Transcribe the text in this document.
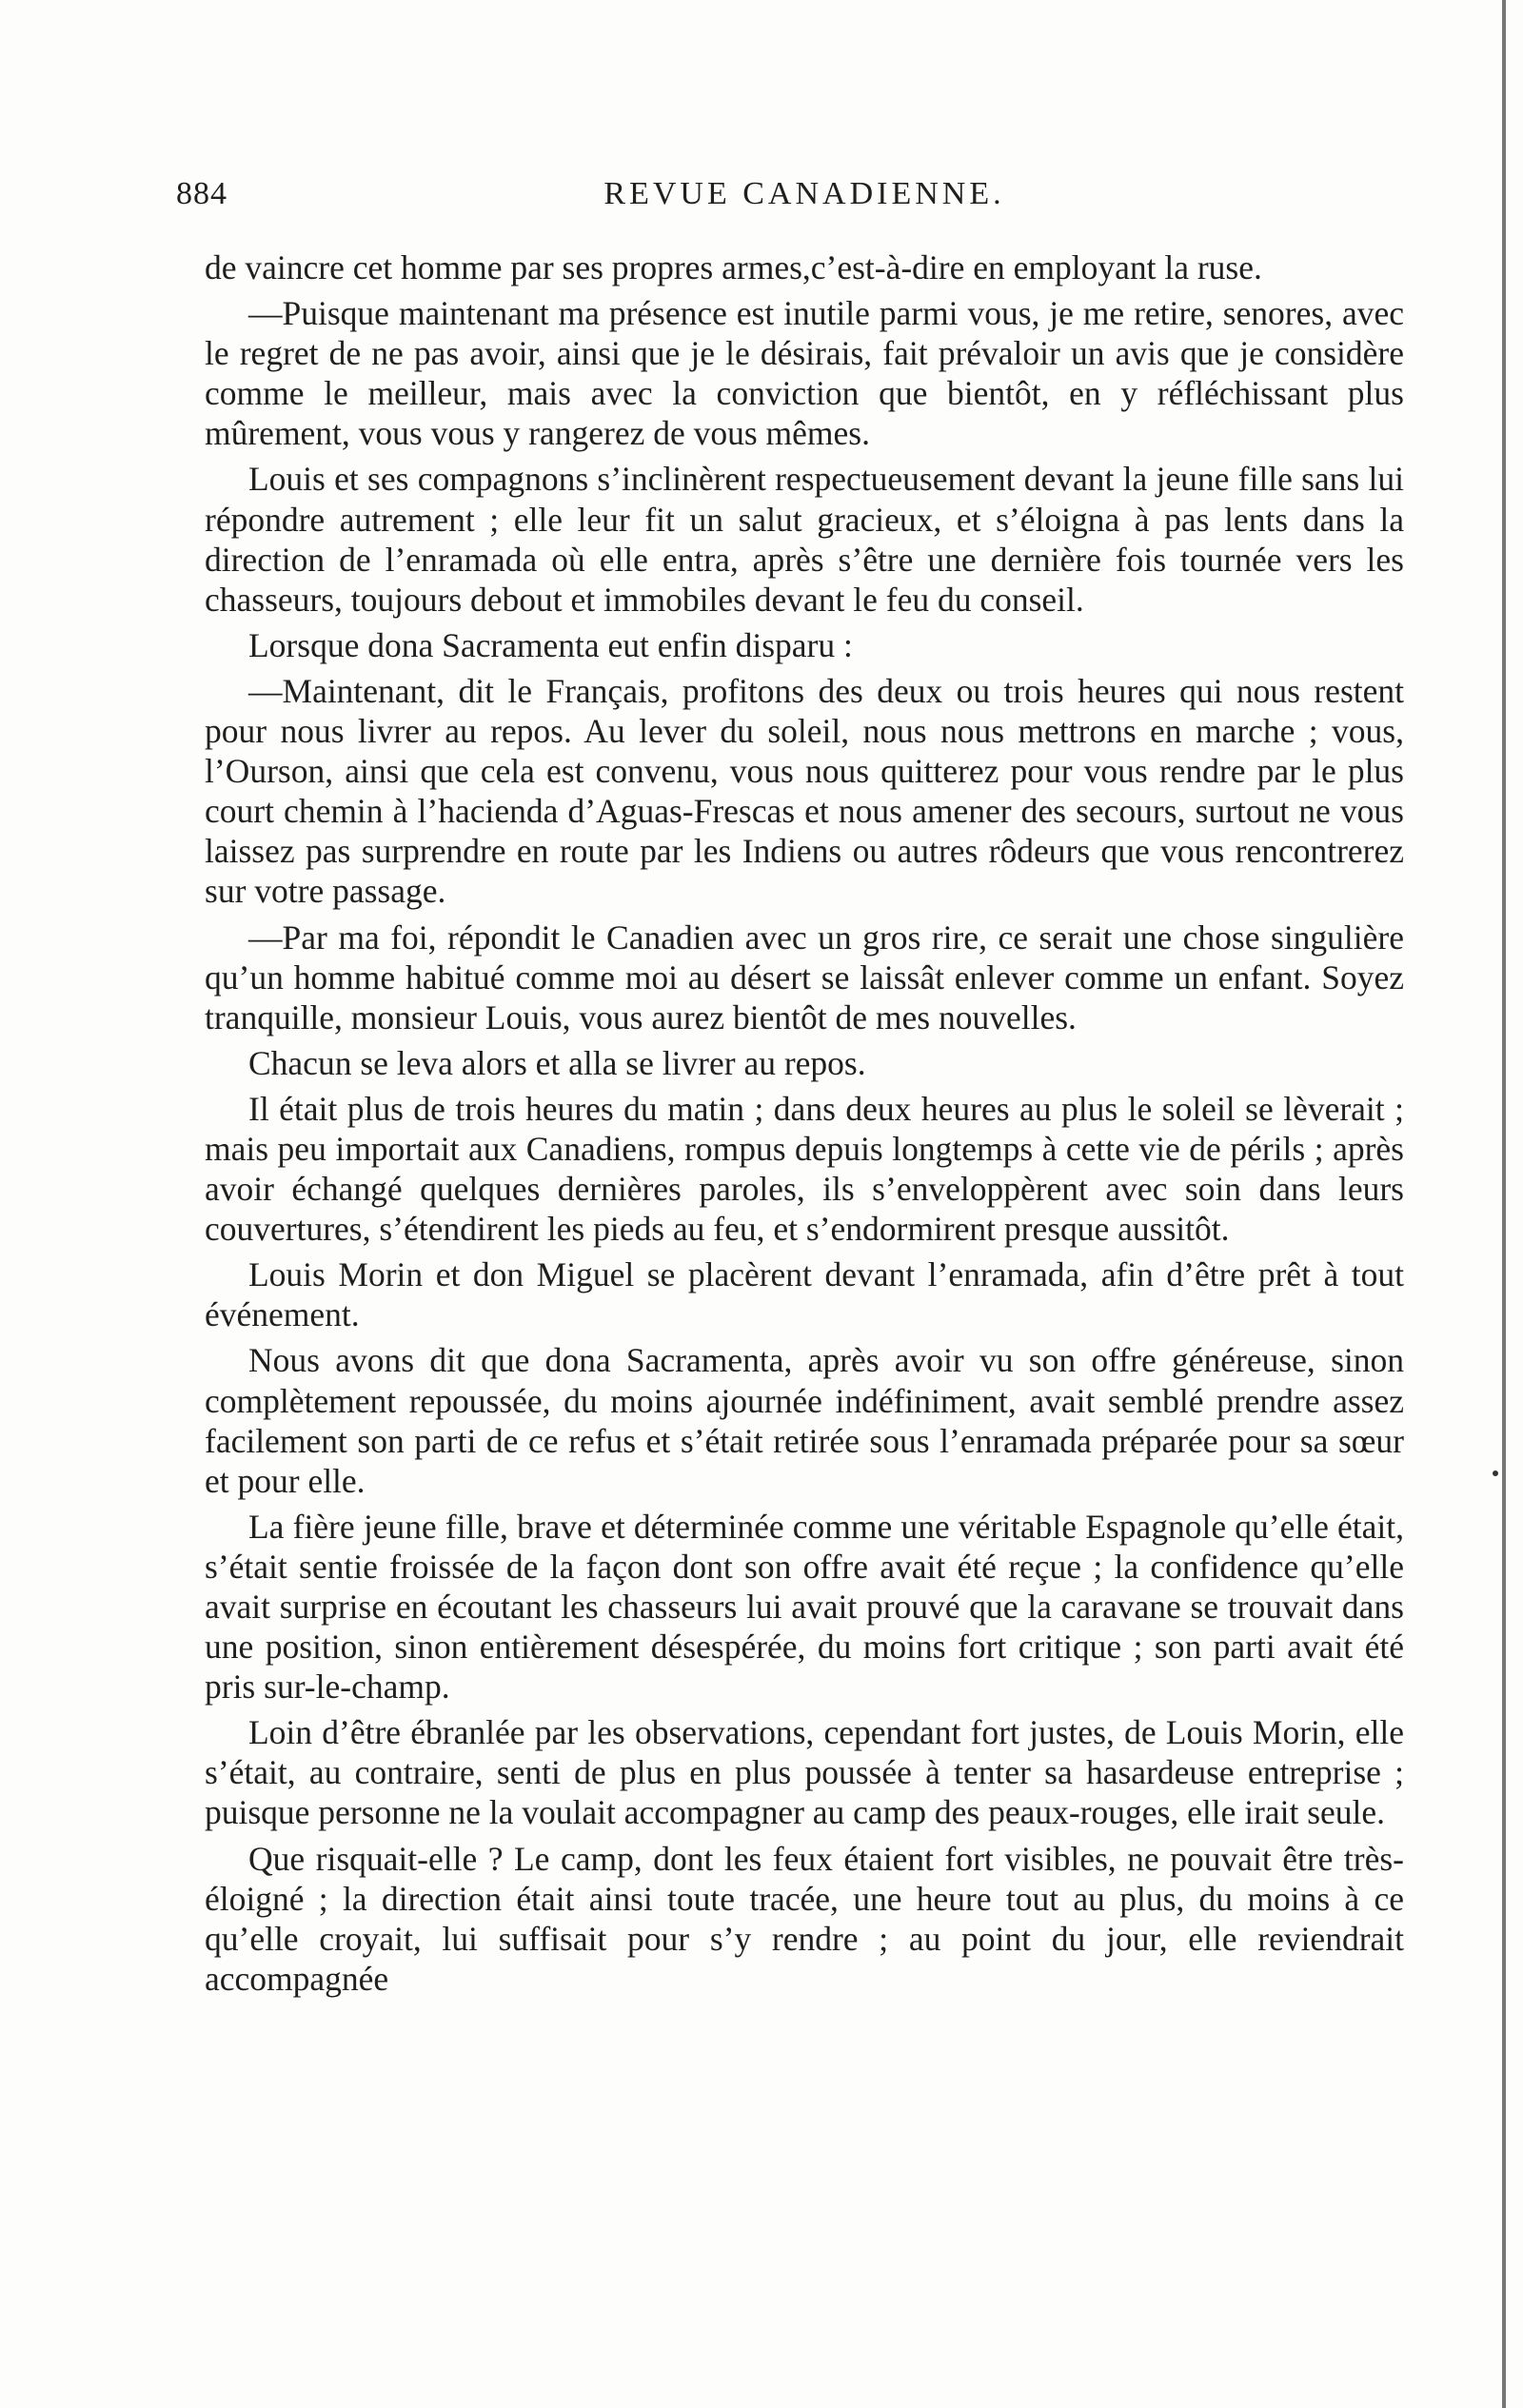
884	REVUE CANADIENNE.

de vaincre cet homme par ses propres armes,c’est-à-dire en employant la ruse.

—Puisque maintenant ma présence est inutile parmi vous, je me retire, senores, avec le regret de ne pas avoir, ainsi que je le désirais, fait prévaloir un avis que je considère comme le meilleur, mais avec la conviction que bientôt, en y réfléchissant plus mûrement, vous vous y rangerez de vous mêmes.

Louis et ses compagnons s’inclinèrent respectueusement devant la jeune fille sans lui répondre autrement ; elle leur fit un salut gracieux, et s’éloigna à pas lents dans la direction de l’enramada où elle entra, après s’être une dernière fois tournée vers les chasseurs, toujours debout et immobiles devant le feu du conseil.

Lorsque dona Sacramenta eut enfin disparu :

—Maintenant, dit le Français, profitons des deux ou trois heures qui nous restent pour nous livrer au repos. Au lever du soleil, nous nous mettrons en marche ; vous, l’Ourson, ainsi que cela est convenu, vous nous quitterez pour vous rendre par le plus court chemin à l’hacienda d’Aguas-Frescas et nous amener des secours, surtout ne vous laissez pas surprendre en route par les Indiens ou autres rôdeurs que vous rencontrerez sur votre passage.

—Par ma foi, répondit le Canadien avec un gros rire, ce serait une chose singulière qu’un homme habitué comme moi au désert se laissât enlever comme un enfant. Soyez tranquille, monsieur Louis, vous aurez bientôt de mes nouvelles.

Chacun se leva alors et alla se livrer au repos.

Il était plus de trois heures du matin ; dans deux heures au plus le soleil se lèverait ; mais peu importait aux Canadiens, rompus depuis longtemps à cette vie de périls ; après avoir échangé quelques dernières paroles, ils s’enveloppèrent avec soin dans leurs couvertures, s’étendirent les pieds au feu, et s’endormirent presque aussitôt.

Louis Morin et don Miguel se placèrent devant l’enramada, afin d’être prêt à tout événement.

Nous avons dit que dona Sacramenta, après avoir vu son offre généreuse, sinon complètement repoussée, du moins ajournée indéfiniment, avait semblé prendre assez facilement son parti de ce refus et s’était retirée sous l’enramada préparée pour sa sœur et pour elle.

La fière jeune fille, brave et déterminée comme une véritable Espagnole qu’elle était, s’était sentie froissée de la façon dont son offre avait été reçue ; la confidence qu’elle avait surprise en écoutant les chasseurs lui avait prouvé que la caravane se trouvait dans une position, sinon entièrement désespérée, du moins fort critique ; son parti avait été pris sur-le-champ.

Loin d’être ébranlée par les observations, cependant fort justes, de Louis Morin, elle s’était, au contraire, senti de plus en plus poussée à tenter sa hasardeuse entreprise ; puisque personne ne la voulait accompagner au camp des peaux-rouges, elle irait seule.

Que risquait-elle ? Le camp, dont les feux étaient fort visibles, ne pouvait être très-éloigné ; la direction était ainsi toute tracée, une heure tout au plus, du moins à ce qu’elle croyait, lui suffisait pour s’y rendre ; au point du jour, elle reviendrait accompagnée
